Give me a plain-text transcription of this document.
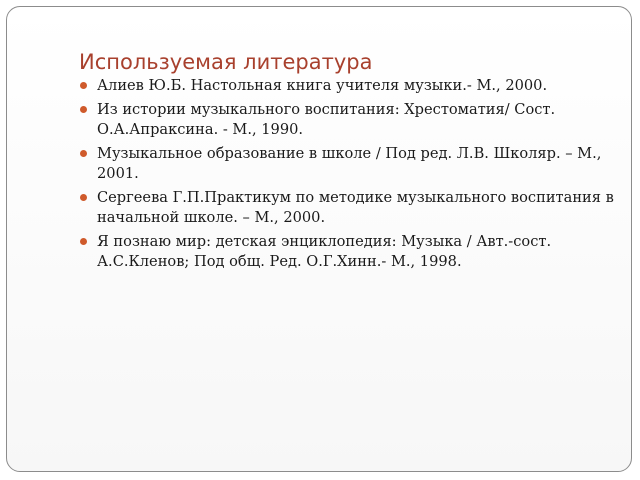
Используемая литература
Алиев Ю.Б. Настольная книга учителя музыки.- М., 2000.
Из истории музыкального воспитания: Хрестоматия/ Сост. О.А.Апраксина. - М., 1990.
Музыкальное образование в школе / Под ред. Л.В. Школяр. – М., 2001.
Сергеева Г.П.Практикум по методике музыкального воспитания в начальной школе. – М., 2000.
Я познаю мир: детская энциклопедия: Музыка / Авт.-сост. А.С.Кленов; Под общ. Ред. О.Г.Хинн.- М., 1998.
